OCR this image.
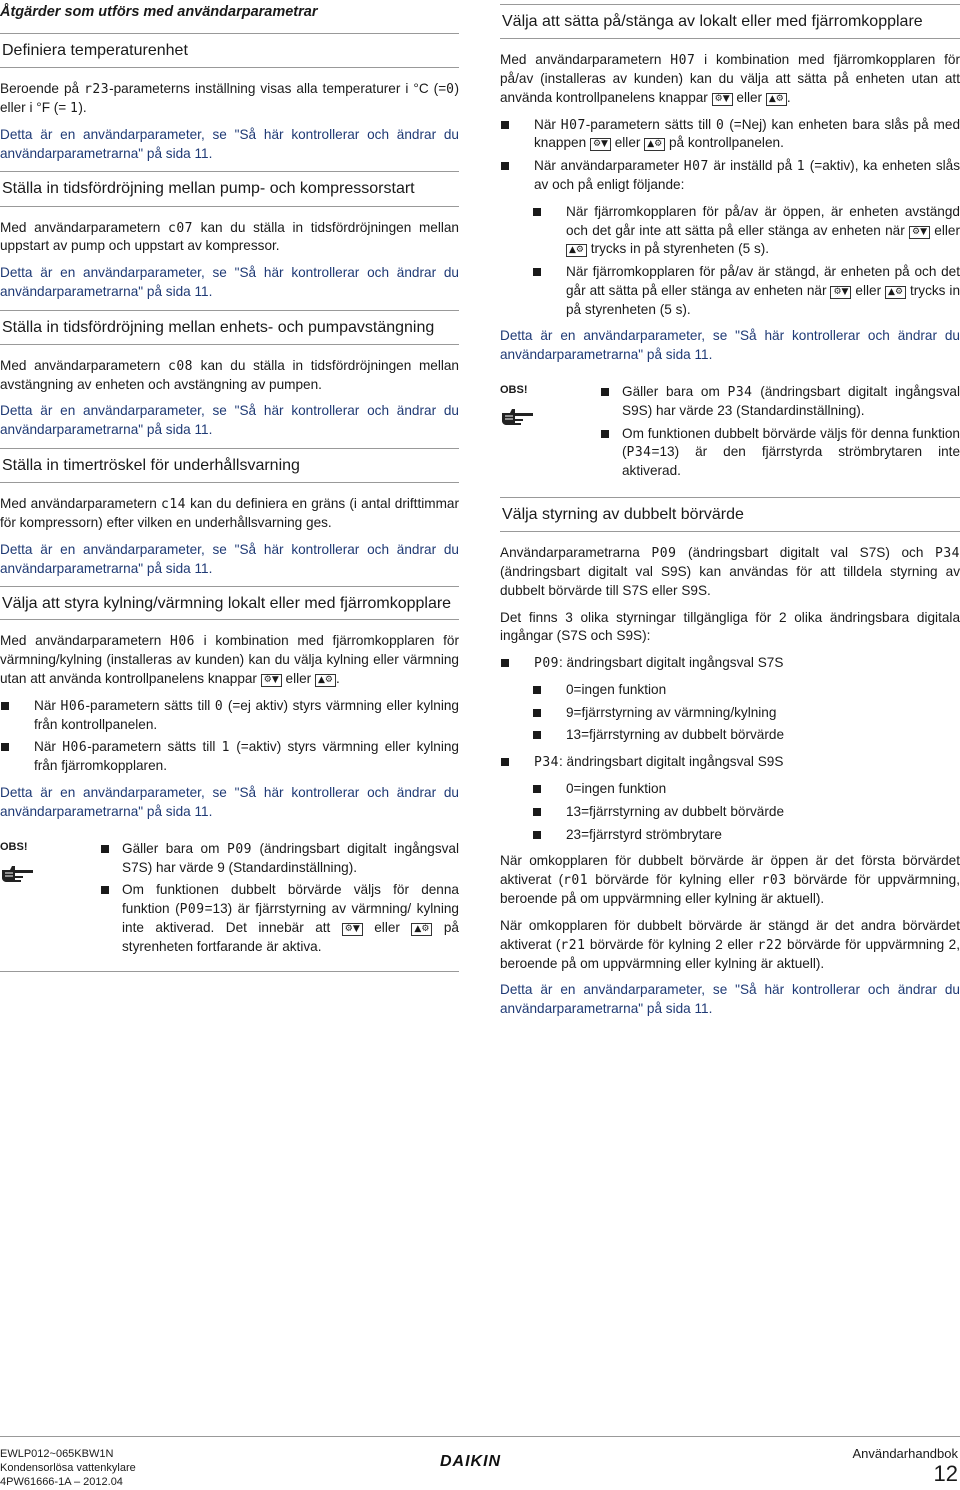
Åtgärder som utförs med användarparametrar
Definiera temperaturenhet

Beroende på r23-parameterns inställning visas alla temperaturer i °C (=0) eller i °F (= 1).

Detta är en användarparameter, se "Så här kontrollerar och ändrar du användarparametrarna" på sida 11.

Ställa in tidsfördröjning mellan pump- och kompressorstart

Med användarparametern c07 kan du ställa in tidsfördröjningen mellan uppstart av pump och uppstart av kompressor.

Detta är en användarparameter, se "Så här kontrollerar och ändrar du användarparametrarna" på sida 11.

Ställa in tidsfördröjning mellan enhets- och pumpavstängning

Med användarparametern c08 kan du ställa in tidsfördröjningen mellan avstängning av enheten och avstängning av pumpen.

Detta är en användarparameter, se "Så här kontrollerar och ändrar du användarparametrarna" på sida 11.

Ställa in timertröskel för underhållsvarning

Med användarparametern c14 kan du definiera en gräns (i antal drifttimmar för kompressorn) efter vilken en underhållsvarning ges.

Detta är en användarparameter, se "Så här kontrollerar och ändrar du användarparametrarna" på sida 11.

Välja att styra kylning/värmning lokalt eller med fjärromkopplare

Med användarparametern H06 i kombination med fjärromkopplaren för värmning/kylning (installeras av kunden) kan du välja kylning eller värmning utan att använda kontrollpanelens knappar ⚙▼ eller ▲⚙ .

När H06-parametern sätts till 0 (=ej aktiv) styrs värmning eller kylning från kontrollpanelen.
När H06-parametern sätts till 1 (=aktiv) styrs värmning eller kylning från fjärromkopplaren.

Detta är en användarparameter, se "Så här kontrollerar och ändrar du användarparametrarna" på sida 11.

OBS!	Gäller bara om P09 (ändringsbart digitalt ingångsval S7S) har värde 9 (Standardinställning).
Om funktionen dubbelt börvärde väljs för denna funktion (P09=13) är fjärrstyrning av värmning/ kylning inte aktiverad. Det innebär att ⚙▼ eller ▲⚙ på styrenheten fortfarande är aktiva.
Välja att sätta på/stänga av lokalt eller med fjärromkopplare

Med användarparametern H07 i kombination med fjärromkopplaren för på/av (installeras av kunden) kan du välja att sätta på enheten utan att använda kontrollpanelens knappar ⚙▼ eller ▲⚙ .

När H07-parametern sätts till 0 (=Nej) kan enheten bara slås på med knappen ⚙▼ eller ▲⚙ på kontrollpanelen.
När användarparameter H07 är inställd på 1 (=aktiv), ka enheten slås av och på enligt följande:
När fjärromkopplaren för på/av är öppen, är enheten avstängd och det går inte att sätta på eller stänga av enheten när ⚙▼ eller ▲⚙ trycks in på styrenheten (5 s).
När fjärromkopplaren för på/av är stängd, är enheten på och det går att sätta på eller stänga av enheten när ⚙▼ eller ▲⚙ trycks in på styrenheten (5 s).

Detta är en användarparameter, se "Så här kontrollerar och ändrar du användarparametrarna" på sida 11.

OBS!	Gäller bara om P34 (ändringsbart digitalt ingångsval S9S) har värde 23 (Standardinställning).
Om funktionen dubbelt börvärde väljs för denna funktion (P34=13) är den fjärrstyrda strömbrytaren inte aktiverad.
Välja styrning av dubbelt börvärde

Användarparametrarna P09 (ändringsbart digitalt val S7S) och P34 (ändringsbart digitalt val S9S) kan användas för att tilldela styrning av dubbelt börvärde till S7S eller S9S.

Det finns 3 olika styrningar tillgängliga för 2 olika ändringsbara digitala ingångar (S7S och S9S):

P09: ändringsbart digitalt ingångsval S7S
0=ingen funktion
9=fjärrstyrning av värmning/kylning
13=fjärrstyrning av dubbelt börvärde
P34: ändringsbart digitalt ingångsval S9S
0=ingen funktion
13=fjärrstyrning av dubbelt börvärde
23=fjärrstyrd strömbrytare

När omkopplaren för dubbelt börvärde är öppen är det första börvärdet aktiverat (r01 börvärde för kylning eller r03 börvärde för uppvärmning, beroende på om uppvärmning eller kylning är aktuell).

När omkopplaren för dubbelt börvärde är stängd är det andra börvärdet aktiverat (r21 börvärde för kylning 2 eller r22 börvärde för uppvärmning 2, beroende på om uppvärmning eller kylning är aktuell).

Detta är en användarparameter, se "Så här kontrollerar och ändrar du användarparametrarna" på sida 11.

EWLP012~065KBW1N
Kondensorlösa vattenkylare
4PW61666-1A – 2012.04
DAIKIN	Användarhandbok
12
